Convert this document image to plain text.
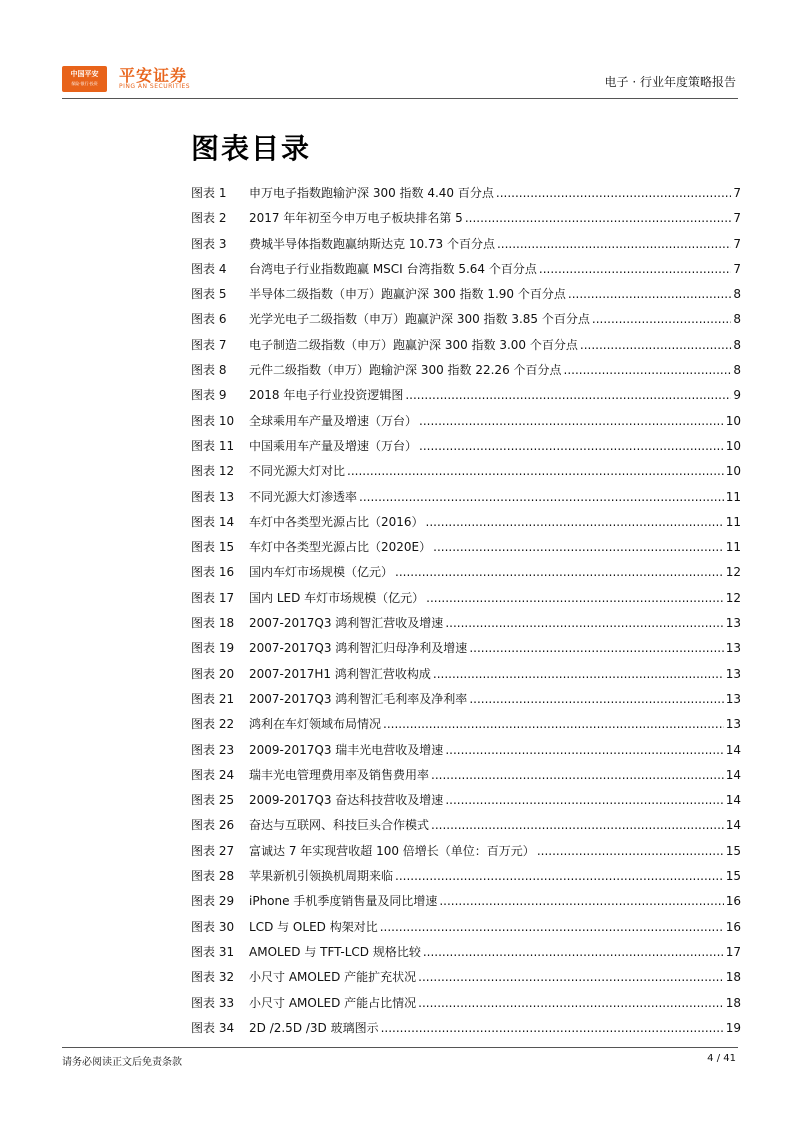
中国平安
保险·银行·投资	平安证券
PING AN SECURITIES	电子 · 行业年度策略报告
图表目录
图表 1	申万电子指数跑输沪深 300 指数 4.40 百分点 .....	7
图表 2	2017 年年初至今申万电子板块排名第 5 .....	7
图表 3	费城半导体指数跑赢纳斯达克 10.73 个百分点 .....	7
图表 4	台湾电子行业指数跑赢 MSCI 台湾指数 5.64 个百分点 .....	7
图表 5	半导体二级指数（申万）跑赢沪深 300 指数 1.90 个百分点 .....	8
图表 6	光学光电子二级指数（申万）跑赢沪深 300 指数 3.85 个百分点 .....	8
图表 7	电子制造二级指数（申万）跑赢沪深 300 指数 3.00 个百分点 .....	8
图表 8	元件二级指数（申万）跑输沪深 300 指数 22.26 个百分点 .....	8
图表 9	2018 年电子行业投资逻辑图 .....	9
图表 10	全球乘用车产量及增速（万台） .....	10
图表 11	中国乘用车产量及增速（万台） .....	10
图表 12	不同光源大灯对比 .....	10
图表 13	不同光源大灯渗透率 .....	11
图表 14	车灯中各类型光源占比（2016） .....	11
图表 15	车灯中各类型光源占比（2020E） .....	11
图表 16	国内车灯市场规模（亿元） .....	12
图表 17	国内 LED 车灯市场规模（亿元） .....	12
图表 18	2007-2017Q3 鸿利智汇营收及增速 .....	13
图表 19	2007-2017Q3 鸿利智汇归母净利及增速 .....	13
图表 20	2007-2017H1 鸿利智汇营收构成 .....	13
图表 21	2007-2017Q3 鸿利智汇毛利率及净利率 .....	13
图表 22	鸿利在车灯领域布局情况 .....	13
图表 23	2009-2017Q3 瑞丰光电营收及增速 .....	14
图表 24	瑞丰光电管理费用率及销售费用率 .....	14
图表 25	2009-2017Q3 奋达科技营收及增速 .....	14
图表 26	奋达与互联网、科技巨头合作模式 .....	14
图表 27	富诚达 7 年实现营收超 100 倍增长（单位：百万元） .....	15
图表 28	苹果新机引领换机周期来临 .....	15
图表 29	iPhone 手机季度销售量及同比增速 .....	16
图表 30	LCD 与 OLED 构架对比 .....	16
图表 31	AMOLED 与 TFT-LCD 规格比较 .....	17
图表 32	小尺寸 AMOLED 产能扩充状况 .....	18
图表 33	小尺寸 AMOLED 产能占比情况 .....	18
图表 34	2D /2.5D /3D 玻璃图示 .....	19
请务必阅读正文后免责条款	4 / 41
